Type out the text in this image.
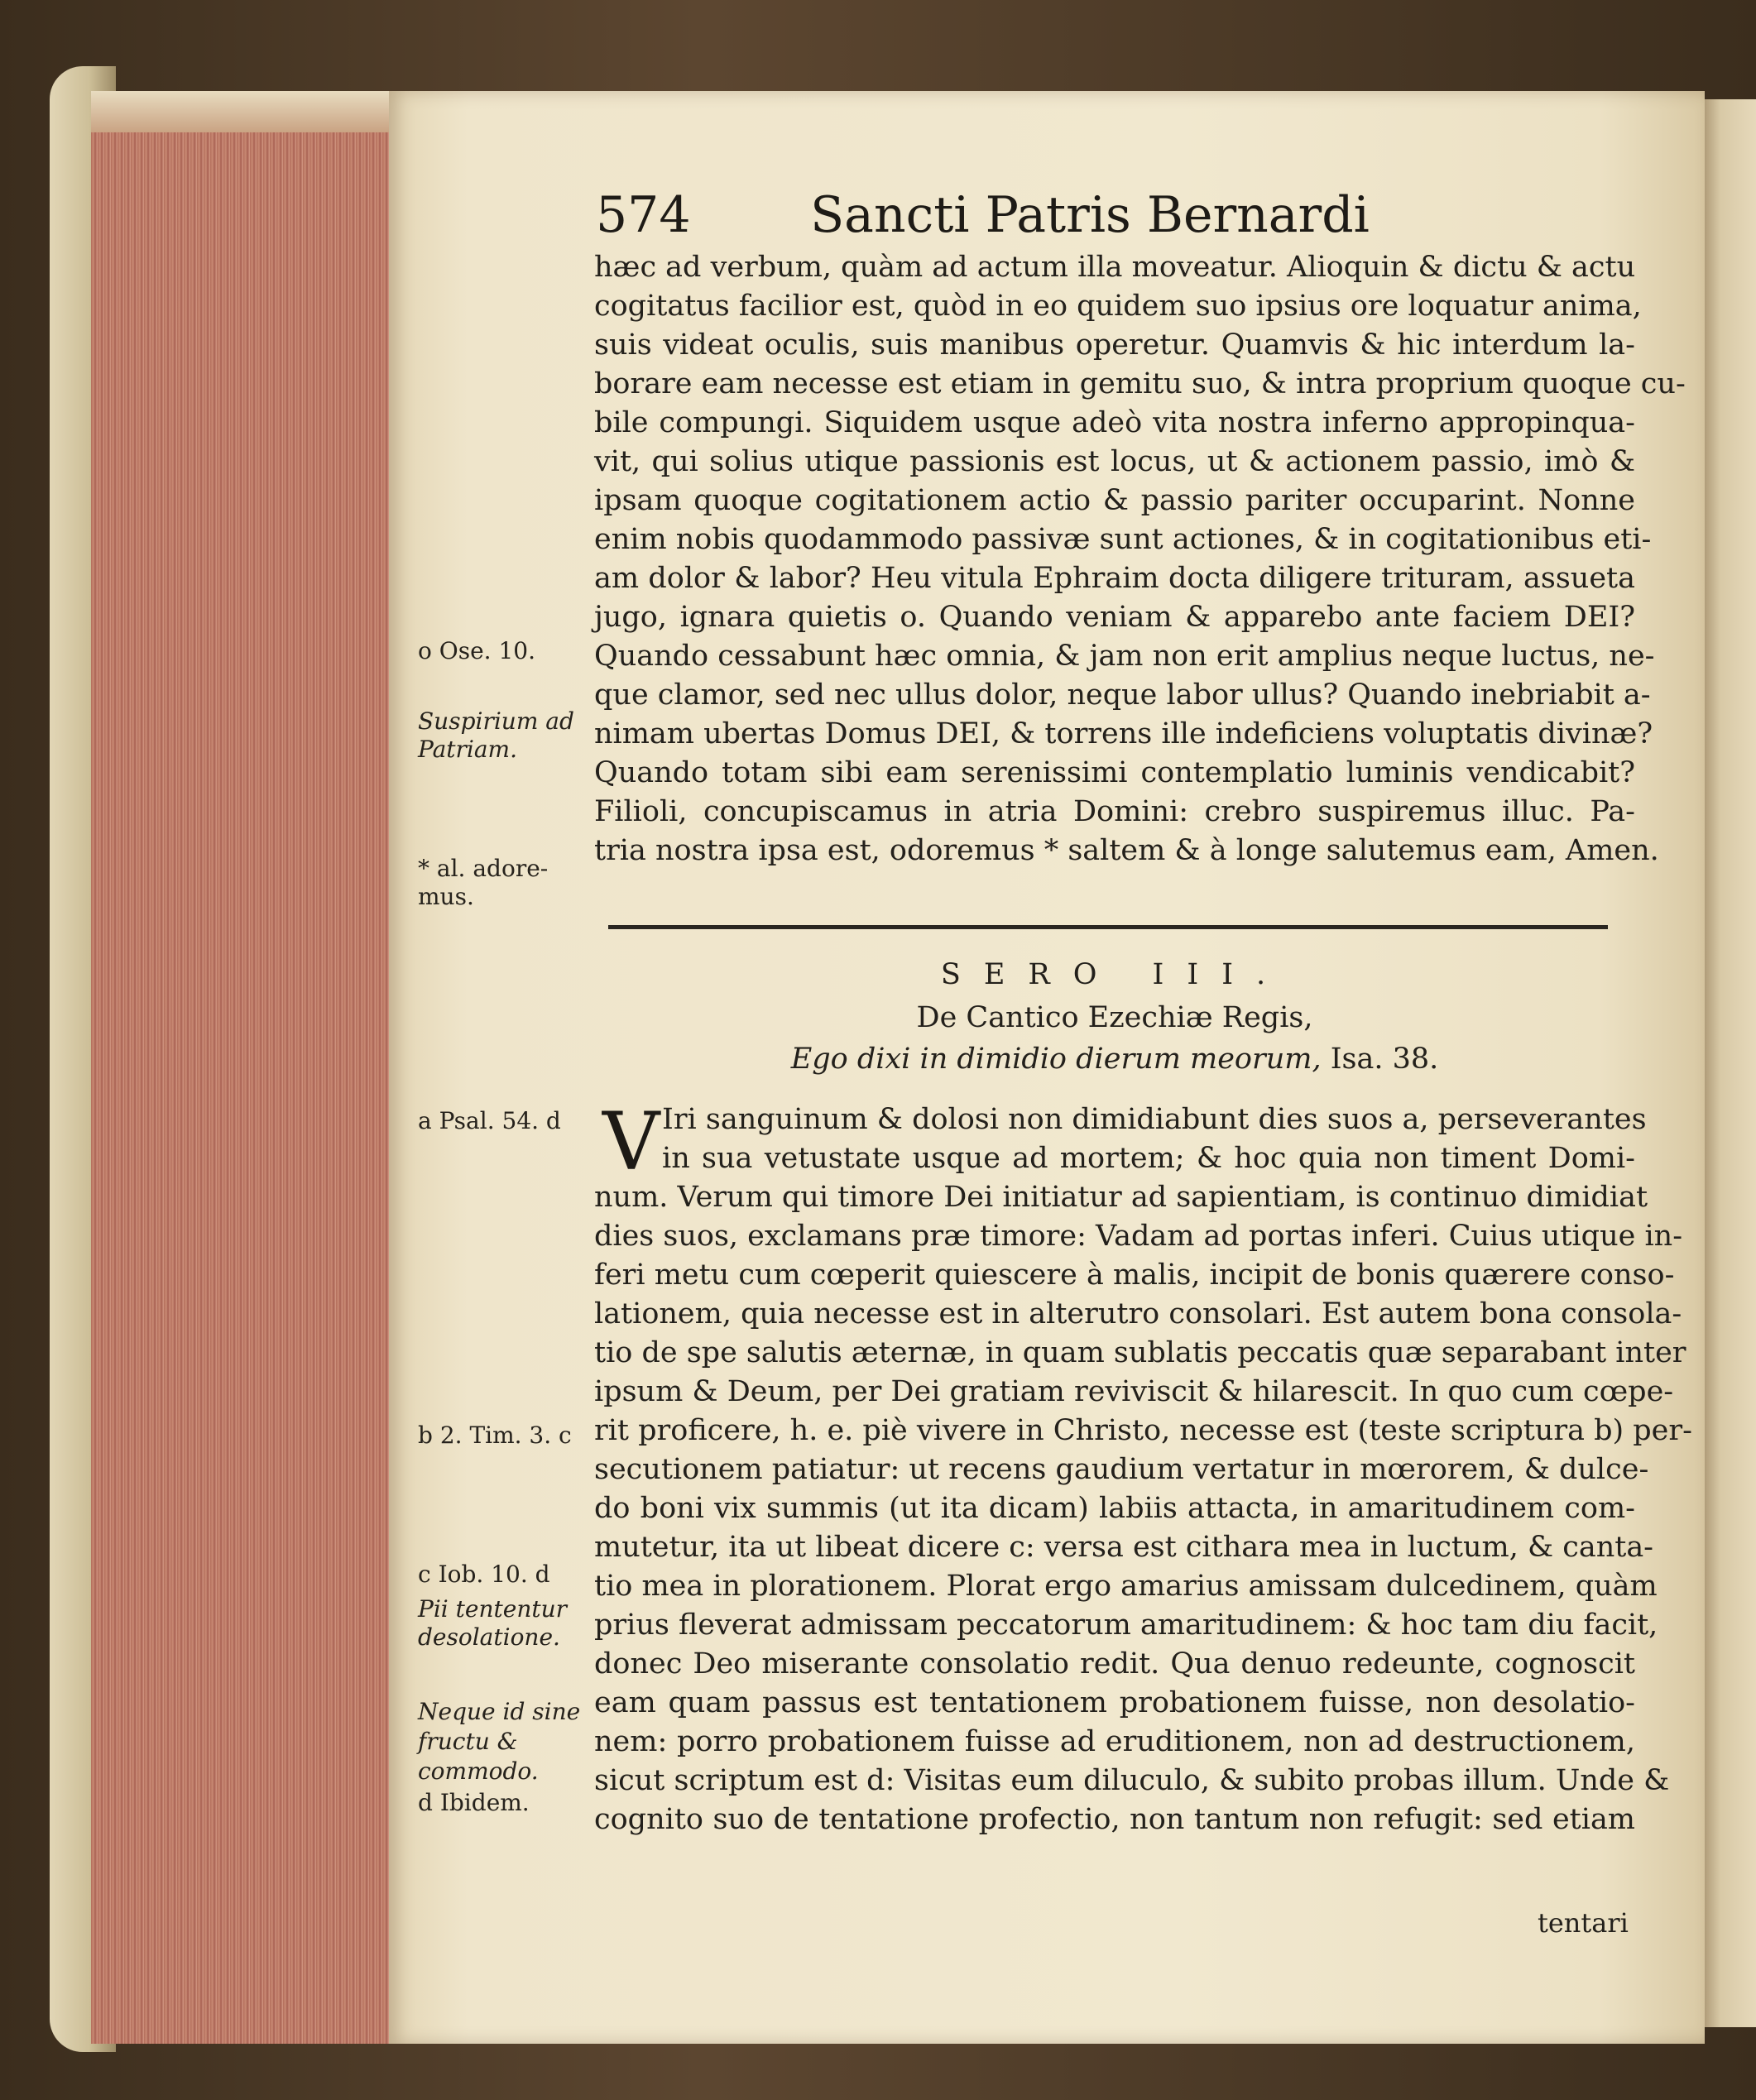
574 Sancti Patris Bernardi
hæc ad verbum, quàm ad actum illa moveatur. Alioquin & dictu & actu
cogitatus facilior est, quòd in eo quidem suo ipsius ore loquatur anima,
suis videat oculis, suis manibus operetur. Quamvis & hic interdum la-
borare eam necesse est etiam in gemitu suo, & intra proprium quoque cu-
bile compungi. Siquidem usque adeò vita nostra inferno appropinqua-
vit, qui solius utique passionis est locus, ut & actionem passio, imò &
ipsam quoque cogitationem actio & passio pariter occuparint. Nonne
enim nobis quodammodo passivæ sunt actiones, & in cogitationibus eti-
am dolor & labor? Heu vitula Ephraim docta diligere trituram, assueta
jugo, ignara quietis o. Quando veniam & apparebo ante faciem DEI?
Quando cessabunt hæc omnia, & jam non erit amplius neque luctus, ne-
que clamor, sed nec ullus dolor, neque labor ullus? Quando inebriabit a-
nimam ubertas Domus DEI, & torrens ille indeficiens voluptatis divinæ?
Quando totam sibi eam serenissimi contemplatio luminis vendicabit?
Filioli, concupiscamus in atria Domini: crebro suspiremus illuc. Pa-
tria nostra ipsa est, odoremus * saltem & à longe salutemus eam, Amen.
SERO III.
De Cantico Ezechiæ Regis,
Ego dixi in dimidio dierum meorum, Isa. 38.
V Iri sanguinum & dolosi non dimidiabunt dies suos a, perseverantes
in sua vetustate usque ad mortem; & hoc quia non timent Domi-
num. Verum qui timore Dei initiatur ad sapientiam, is continuo dimidiat
dies suos, exclamans præ timore: Vadam ad portas inferi. Cuius utique in-
feri metu cum cœperit quiescere à malis, incipit de bonis quærere conso-
lationem, quia necesse est in alterutro consolari. Est autem bona consola-
tio de spe salutis æternæ, in quam sublatis peccatis quæ separabant inter
ipsum & Deum, per Dei gratiam reviviscit & hilarescit. In quo cum cœpe-
rit proficere, h. e. piè vivere in Christo, necesse est (teste scriptura b) per-
secutionem patiatur: ut recens gaudium vertatur in mœrorem, & dulce-
do boni vix summis (ut ita dicam) labiis attacta, in amaritudinem com-
mutetur, ita ut libeat dicere c: versa est cithara mea in luctum, & canta-
tio mea in plorationem. Plorat ergo amarius amissam dulcedinem, quàm
prius fleverat admissam peccatorum amaritudinem: & hoc tam diu facit,
donec Deo miserante consolatio redit. Qua denuo redeunte, cognoscit
eam quam passus est tentationem probationem fuisse, non desolatio-
nem: porro probationem fuisse ad eruditionem, non ad destructionem,
sicut scriptum est d: Visitas eum diluculo, & subito probas illum. Unde &
cognito suo de tentatione profectio, non tantum non refugit: sed etiam
tentari
o Ose. 10.
Suspirium ad
Patriam.
* al. adore-
mus.
a Psal. 54. d
b 2. Tim. 3. c
c Iob. 10. d
Pii tententur
desolatione.
Neque id sine
fructu &
commodo.
d Ibidem.
